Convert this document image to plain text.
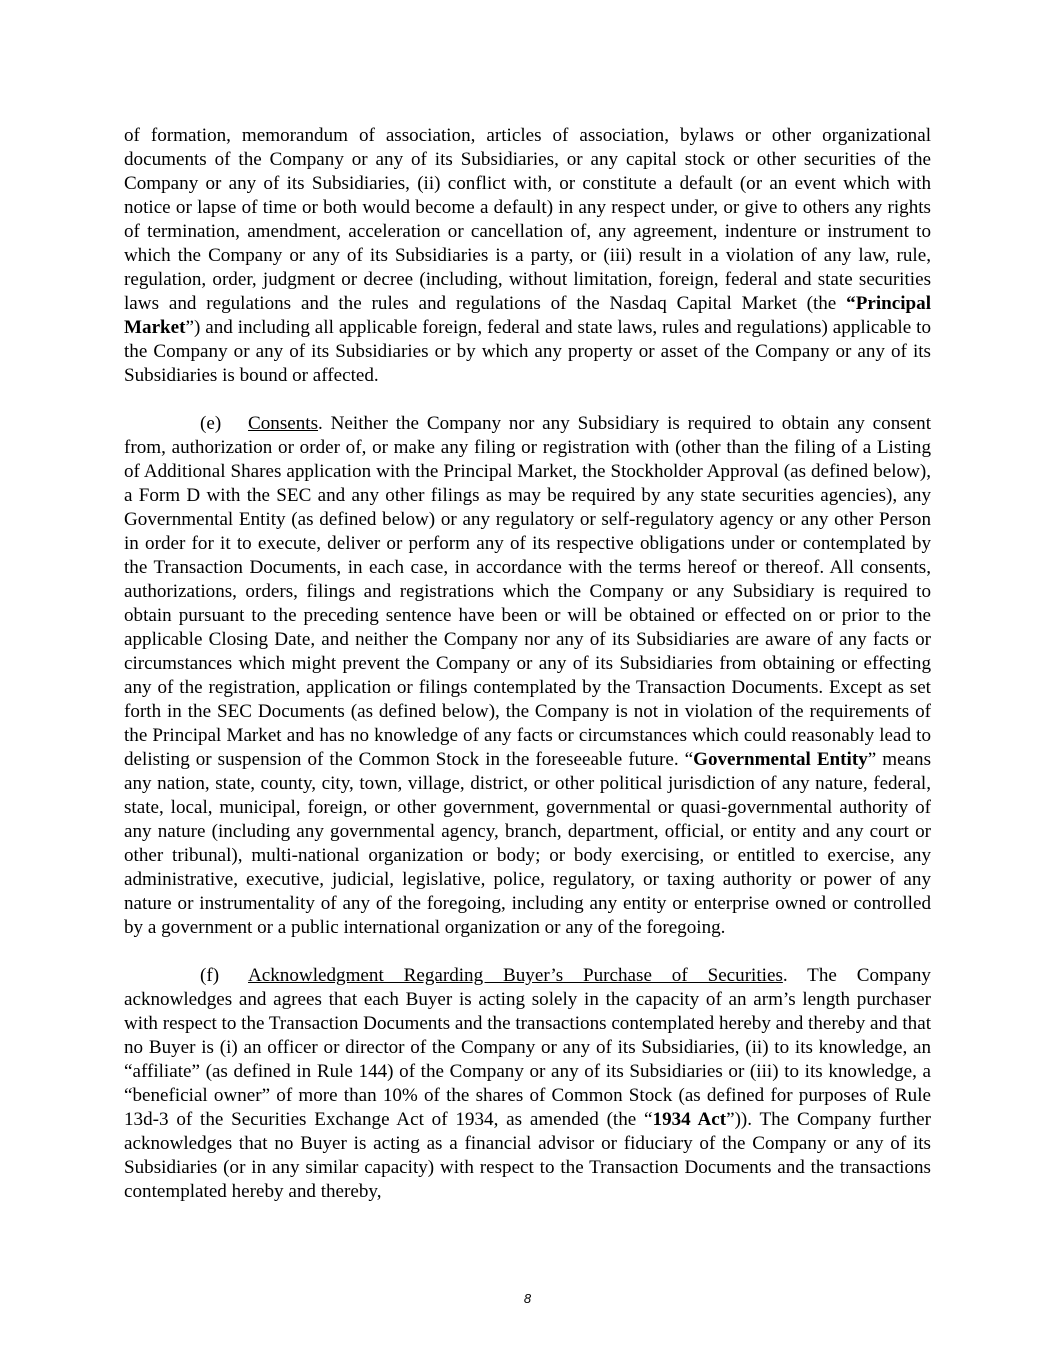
of formation, memorandum of association, articles of association, bylaws or other organizational documents of the Company or any of its Subsidiaries, or any capital stock or other securities of the Company or any of its Subsidiaries, (ii) conflict with, or constitute a default (or an event which with notice or lapse of time or both would become a default) in any respect under, or give to others any rights of termination, amendment, acceleration or cancellation of, any agreement, indenture or instrument to which the Company or any of its Subsidiaries is a party, or (iii) result in a violation of any law, rule, regulation, order, judgment or decree (including, without limitation, foreign, federal and state securities laws and regulations and the rules and regulations of the Nasdaq Capital Market (the “Principal Market”) and including all applicable foreign, federal and state laws, rules and regulations) applicable to the Company or any of its Subsidiaries or by which any property or asset of the Company or any of its Subsidiaries is bound or affected.

(e) Consents. Neither the Company nor any Subsidiary is required to obtain any consent from, authorization or order of, or make any filing or registration with (other than the filing of a Listing of Additional Shares application with the Principal Market, the Stockholder Approval (as defined below), a Form D with the SEC and any other filings as may be required by any state securities agencies), any Governmental Entity (as defined below) or any regulatory or self-regulatory agency or any other Person in order for it to execute, deliver or perform any of its respective obligations under or contemplated by the Transaction Documents, in each case, in accordance with the terms hereof or thereof. All consents, authorizations, orders, filings and registrations which the Company or any Subsidiary is required to obtain pursuant to the preceding sentence have been or will be obtained or effected on or prior to the applicable Closing Date, and neither the Company nor any of its Subsidiaries are aware of any facts or circumstances which might prevent the Company or any of its Subsidiaries from obtaining or effecting any of the registration, application or filings contemplated by the Transaction Documents. Except as set forth in the SEC Documents (as defined below), the Company is not in violation of the requirements of the Principal Market and has no knowledge of any facts or circumstances which could reasonably lead to delisting or suspension of the Common Stock in the foreseeable future. “Governmental Entity” means any nation, state, county, city, town, village, district, or other political jurisdiction of any nature, federal, state, local, municipal, foreign, or other government, governmental or quasi-governmental authority of any nature (including any governmental agency, branch, department, official, or entity and any court or other tribunal), multi-national organization or body; or body exercising, or entitled to exercise, any administrative, executive, judicial, legislative, police, regulatory, or taxing authority or power of any nature or instrumentality of any of the foregoing, including any entity or enterprise owned or controlled by a government or a public international organization or any of the foregoing.

(f) Acknowledgment Regarding Buyer’s Purchase of Securities. The Company acknowledges and agrees that each Buyer is acting solely in the capacity of an arm’s length purchaser with respect to the Transaction Documents and the transactions contemplated hereby and thereby and that no Buyer is (i) an officer or director of the Company or any of its Subsidiaries, (ii) to its knowledge, an “affiliate” (as defined in Rule 144) of the Company or any of its Subsidiaries or (iii) to its knowledge, a “beneficial owner” of more than 10% of the shares of Common Stock (as defined for purposes of Rule 13d-3 of the Securities Exchange Act of 1934, as amended (the “1934 Act”)). The Company further acknowledges that no Buyer is acting as a financial advisor or fiduciary of the Company or any of its Subsidiaries (or in any similar capacity) with respect to the Transaction Documents and the transactions contemplated hereby and thereby,

8
